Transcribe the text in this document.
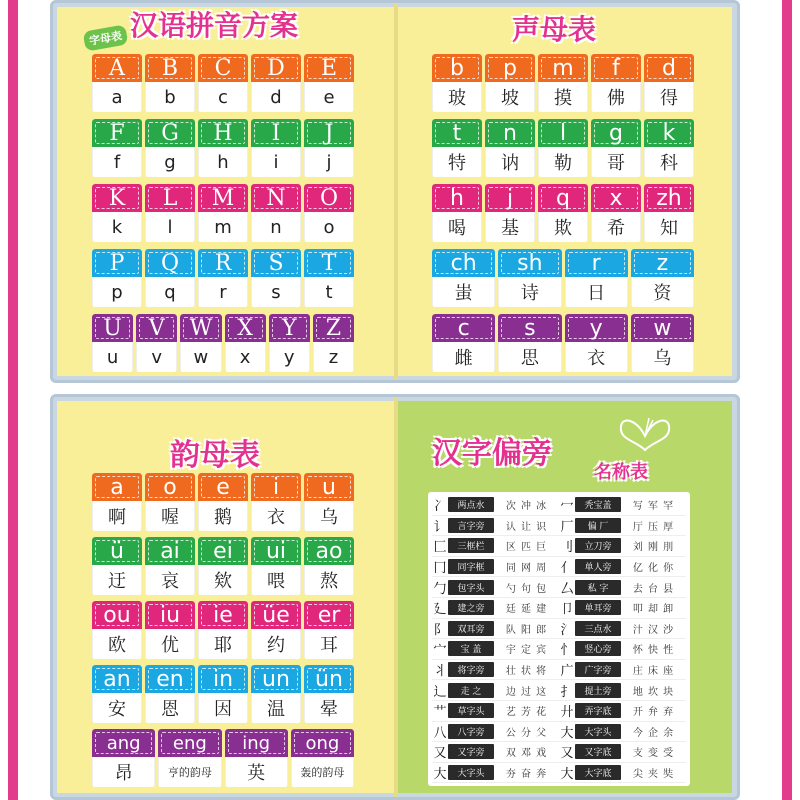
字母表 汉语拼音方案	声母表
韵母表	汉字偏旁
名称表
A
a
B
b
C
c
D
d
E
e
F
f
G
g
H
h
I
i
J
j
K
k
L
l
M
m
N
n
O
o
P
p
Q
q
R
r
S
s
T
t
U
u
V
v
W
w
X
x
Y
y
Z
z
b
玻
p
坡
m
摸
f
佛
d
得
t
特
n
讷
l
勒
g
哥
k
科
h
喝
j
基
q
欺
x
希
zh
知
ch
蚩
sh
诗
r
日
z
资
c
雌
s
思
y
衣
w
乌
a
啊
o
喔
e
鹅
i
衣
u
乌
ü
迂
ai
哀
ei
欸
ui
喂
ao
熬
ou
欧
iu
优
ie
耶
üe
约
er
耳
an
安
en
恩
in
因
un
温
ün
晕
ang
昂
eng
亨的韵母
ing
英
ong
轰的韵母
冫	两点水	次 冲 冰	冖	秃宝盖	写 军 罕
讠	言字旁	认 让 识	厂	偏 厂	厅 压 厚
匚	三框栏	区 匹 巨	刂	立刀旁	刘 刚 刖
冂	同字框	同 网 周	亻	单人旁	亿 化 你
勹	包字头	勺 句 包	厶	私 字	去 台 县
廴	建之旁	廷 延 建	卩	单耳旁	叩 却 卸
阝	双耳旁	队 阳 郎	氵	三点水	汁 汉 沙
宀	宝 盖	宇 定 宾	忄	竖心旁	怀 快 性
丬	将字旁	壮 状 将	广	广字旁	庄 床 座
辶	走 之	边 过 这	扌	提土旁	地 坎 块
艹	草字头	艺 芳 花	廾	弄字底	开 弁 弃
八	八字旁	公 分 父	大	大字头	今 企 余
又	又字旁	双 邓 戏	又	又字底	支 变 受
大	大字头	夯 奋 奔	大	大字底	尖 夹 奘
